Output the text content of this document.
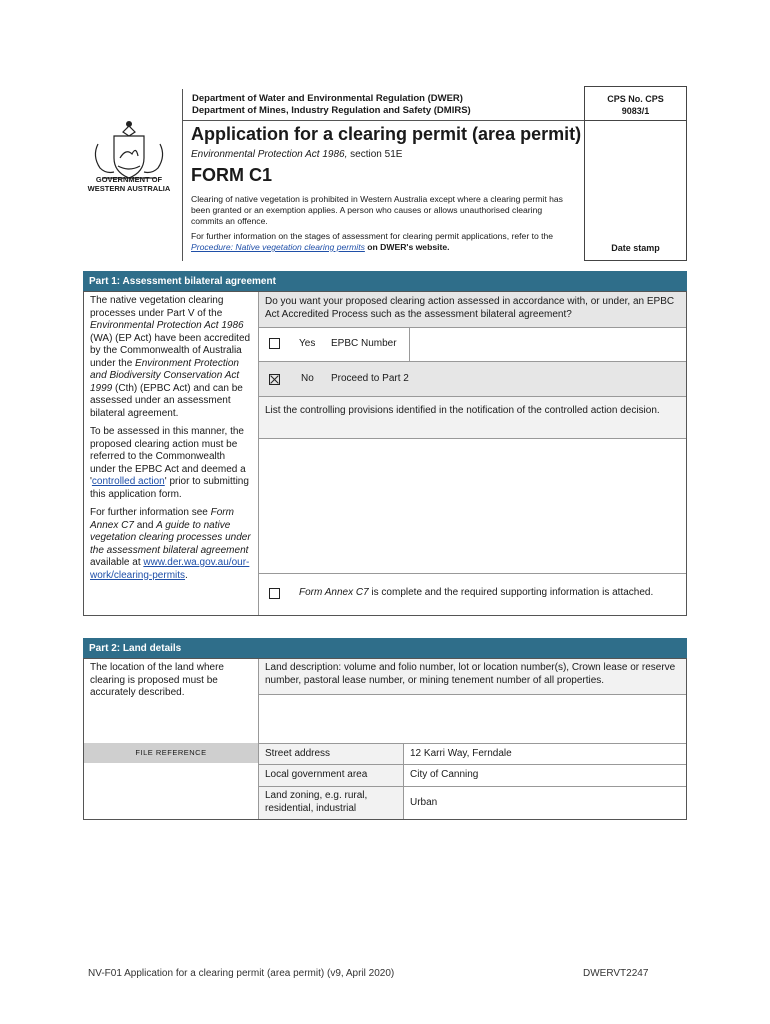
GOVERNMENT OF
WESTERN AUSTRALIA
Department of Water and Environmental Regulation (DWER)
Department of Mines, Industry Regulation and Safety (DMIRS)
CPS No. CPS
9083/1
Date stamp
Application for a clearing permit (area permit)
Environmental Protection Act 1986, section 51E
FORM C1
Clearing of native vegetation is prohibited in Western Australia except where a clearing permit has been granted or an exemption applies. A person who causes or allows unauthorised clearing commits an offence.
For further information on the stages of assessment for clearing permit applications, refer to the Procedure: Native vegetation clearing permits on DWER's website.
Part 1: Assessment bilateral agreement
The native vegetation clearing processes under Part V of the Environmental Protection Act 1986 (WA) (EP Act) have been accredited by the Commonwealth of Australia under the Environment Protection and Biodiversity Conservation Act 1999 (Cth) (EPBC Act) and can be assessed under an assessment bilateral agreement.
To be assessed in this manner, the proposed clearing action must be referred to the Commonwealth under the EPBC Act and deemed a 'controlled action' prior to submitting this application form.
For further information see Form Annex C7 and A guide to native vegetation clearing processes under the assessment bilateral agreement available at www.der.wa.gov.au/our-work/clearing-permits.
Do you want your proposed clearing action assessed in accordance with, or under, an EPBC Act Accredited Process such as the assessment bilateral agreement?
Yes EPBC Number
No Proceed to Part 2
List the controlling provisions identified in the notification of the controlled action decision.
Form Annex C7 is complete and the required supporting information is attached.
Part 2: Land details
The location of the land where clearing is proposed must be accurately described.
FILE REFERENCE
Land description: volume and folio number, lot or location number(s), Crown lease or reserve number, pastoral lease number, or mining tenement number of all properties.
Street address	12 Karri Way, Ferndale
Local government area	City of Canning
Land zoning, e.g. rural, residential, industrial	Urban
NV-F01 Application for a clearing permit (area permit) (v9, April 2020)	DWERVT2247
